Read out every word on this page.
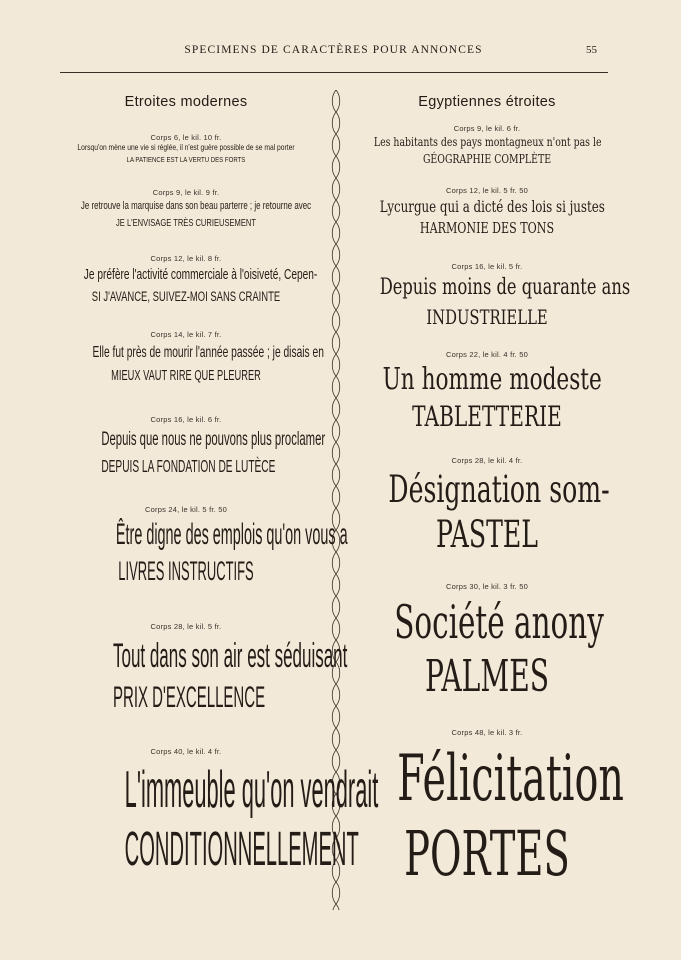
SPECIMENS DE CARACTÈRES POUR ANNONCES	55
Etroites modernes
Corps 6, le kil. 10 fr.
Lorsqu'on mène une vie si réglée, il n'est guère possible de se mal porter
LA PATIENCE EST LA VERTU DES FORTS
Corps 9, le kil. 9 fr.
Je retrouve la marquise dans son beau parterre ; je retourne avec
JE L'ENVISAGE TRÈS CURIEUSEMENT
Corps 12, le kil. 8 fr.
Je préfère l'activité commerciale à l'oisiveté, Cepen-
SI J'AVANCE, SUIVEZ-MOI SANS CRAINTE
Corps 14, le kil. 7 fr.
Elle fut près de mourir l'année passée ; je disais en
MIEUX VAUT RIRE QUE PLEURER
Corps 16, le kil. 6 fr.
Depuis que nous ne pouvons plus proclamer
DEPUIS LA FONDATION DE LUTÈCE
Corps 24, le kil. 5 fr. 50
Être digne des emplois qu'on vous a
LIVRES INSTRUCTIFS
Corps 28, le kil. 5 fr.
Tout dans son air est séduisant
PRIX D'EXCELLENCE
Corps 40, le kil. 4 fr.
L'immeuble qu'on vendrait
CONDITIONNELLEMENT
Egyptiennes étroites
Corps 9, le kil. 6 fr.
Les habitants des pays montagneux n'ont pas le
GÉOGRAPHIE COMPLÈTE
Corps 12, le kil. 5 fr. 50
Lycurgue qui a dicté des lois si justes
HARMONIE DES TONS
Corps 16, le kil. 5 fr.
Depuis moins de quarante ans
INDUSTRIELLE
Corps 22, le kil. 4 fr. 50
Un homme modeste
TABLETTERIE
Corps 28, le kil. 4 fr.
Désignation som-
PASTEL
Corps 30, le kil. 3 fr. 50
Société anony
PALMES
Corps 48, le kil. 3 fr.
Félicitation
PORTES
